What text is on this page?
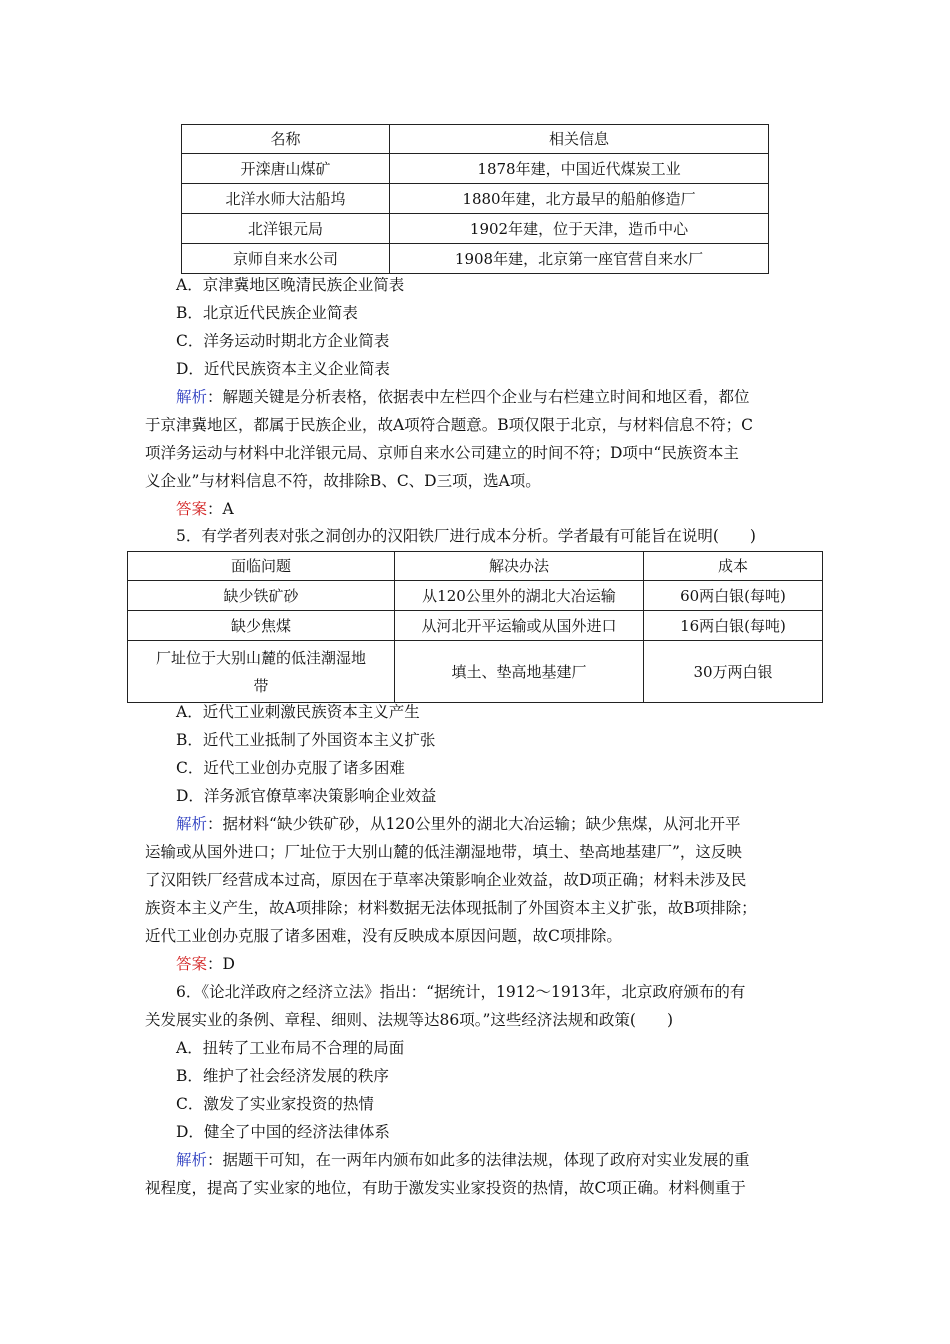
名称	相关信息
开滦唐山煤矿	1878年建，中国近代煤炭工业
北洋水师大沽船坞	1880年建，北方最早的船舶修造厂
北洋银元局	1902年建，位于天津，造币中心
京师自来水公司	1908年建，北京第一座官营自来水厂
A．京津冀地区晚清民族企业简表
B．北京近代民族企业简表
C．洋务运动时期北方企业简表
D．近代民族资本主义企业简表
解析：解题关键是分析表格，依据表中左栏四个企业与右栏建立时间和地区看，都位
于京津冀地区，都属于民族企业，故A项符合题意。B项仅限于北京，与材料信息不符；C
项洋务运动与材料中北洋银元局、京师自来水公司建立的时间不符；D项中“民族资本主
义企业”与材料信息不符，故排除B、C、D三项，选A项。
答案：A
5．有学者列表对张之洞创办的汉阳铁厂进行成本分析。学者最有可能旨在说明(　　)
面临问题	解决办法	成本
缺少铁矿砂	从120公里外的湖北大冶运输	60两白银(每吨)
缺少焦煤	从河北开平运输或从国外进口	16两白银(每吨)

厂址位于大别山麓的低洼潮湿地
带	填土、垫高地基建厂	30万两白银
A．近代工业刺激民族资本主义产生
B．近代工业抵制了外国资本主义扩张
C．近代工业创办克服了诸多困难
D．洋务派官僚草率决策影响企业效益
解析：据材料“缺少铁矿砂，从120公里外的湖北大冶运输；缺少焦煤，从河北开平
运输或从国外进口；厂址位于大别山麓的低洼潮湿地带，填土、垫高地基建厂”，这反映
了汉阳铁厂经营成本过高，原因在于草率决策影响企业效益，故D项正确；材料未涉及民
族资本主义产生，故A项排除；材料数据无法体现抵制了外国资本主义扩张，故B项排除；
近代工业创办克服了诸多困难，没有反映成本原因问题，故C项排除。
答案：D
6．《论北洋政府之经济立法》指出：“据统计，1912～1913年，北京政府颁布的有
关发展实业的条例、章程、细则、法规等达86项。”这些经济法规和政策(　　)
A．扭转了工业布局不合理的局面
B．维护了社会经济发展的秩序
C．激发了实业家投资的热情
D．健全了中国的经济法律体系
解析：据题干可知，在一两年内颁布如此多的法律法规，体现了政府对实业发展的重
视程度，提高了实业家的地位，有助于激发实业家投资的热情，故C项正确。材料侧重于
